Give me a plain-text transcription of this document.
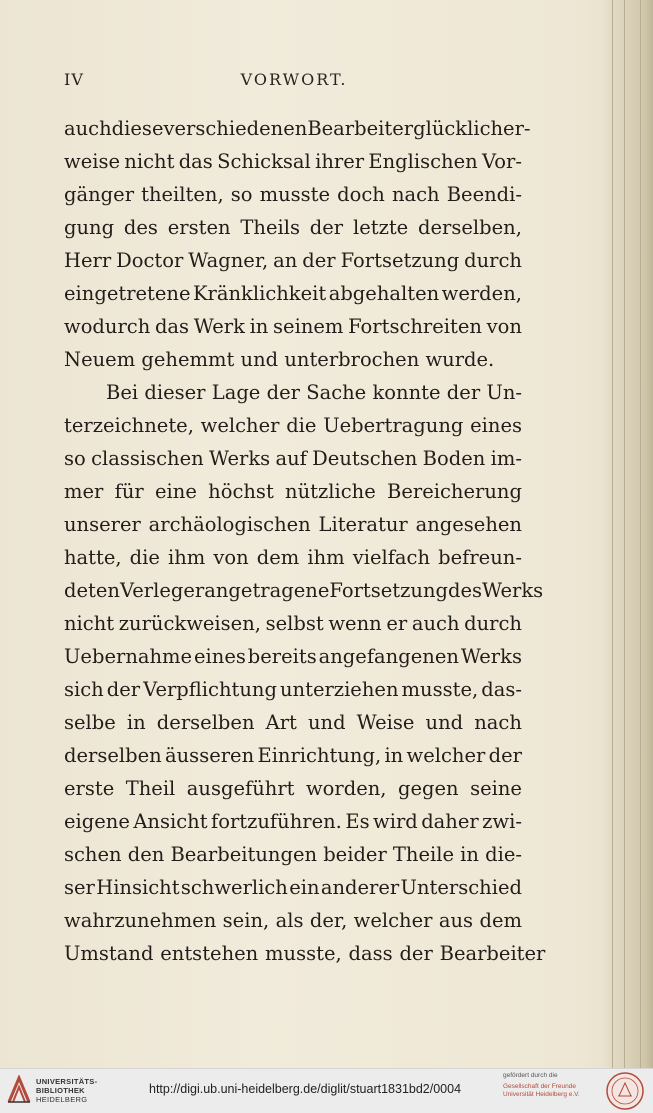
IV	VORWORT.
auch diese verschiedenen Bearbeiter glücklicher-
weise nicht das Schicksal ihrer Englischen Vor-
gänger theilten, so musste doch nach Beendi-
gung des ersten Theils der letzte derselben,
Herr Doctor Wagner, an der Fortsetzung durch
eingetretene Kränklichkeit abgehalten werden,
wodurch das Werk in seinem Fortschreiten von
Neuem gehemmt und unterbrochen wurde.
Bei dieser Lage der Sache konnte der Un-
terzeichnete, welcher die Uebertragung eines
so classischen Werks auf Deutschen Boden im-
mer für eine höchst nützliche Bereicherung
unserer archäologischen Literatur angesehen
hatte, die ihm von dem ihm vielfach befreun-
deten Verleger angetragene Fortsetzung des Werks
nicht zurückweisen, selbst wenn er auch durch
Uebernahme eines bereits angefangenen Werks
sich der Verpflichtung unterziehen musste, das-
selbe in derselben Art und Weise und nach
derselben äusseren Einrichtung, in welcher der
erste Theil ausgeführt worden, gegen seine
eigene Ansicht fortzuführen. Es wird daher zwi-
schen den Bearbeitungen beider Theile in die-
ser Hinsicht schwerlich ein anderer Unterschied
wahrzunehmen sein, als der, welcher aus dem
Umstand entstehen musste, dass der Bearbeiter
UNIVERSITÄTS-
BIBLIOTHEK
HEIDELBERG
http://digi.ub.uni-heidelberg.de/diglit/stuart1831bd2/0004
gefördert durch die
Gesellschaft der Freunde
Universität Heidelberg e.V.
